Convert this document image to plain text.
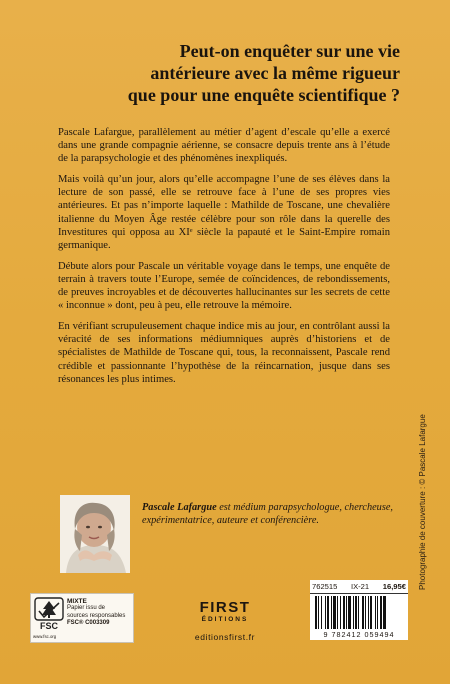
Peut-on enquêter sur une vie
antérieure avec la même rigueur
que pour une enquête scientifique ?

Pascale Lafargue, parallèlement au métier d’agent d’escale qu’elle a exercé dans une grande compagnie aérienne, se consacre depuis trente ans à l’étude de la parapsychologie et des phénomènes inexpliqués.

Mais voilà qu’un jour, alors qu’elle accompagne l’une de ses élèves dans la lecture de son passé, elle se retrouve face à l’une de ses propres vies antérieures. Et pas n’importe laquelle : Mathilde de Toscane, une chevalière italienne du Moyen Âge restée célèbre pour son rôle dans la querelle des Investitures qui opposa au XIᵉ siècle la papauté et le Saint-Empire romain germanique.

Débute alors pour Pascale un véritable voyage dans le temps, une enquête de terrain à travers toute l’Europe, semée de coïncidences, de rebondissements, de preuves incroyables et de découvertes hallucinantes sur les secrets de cette « inconnue » dont, peu à peu, elle retrouve la mémoire.

En vérifiant scrupuleusement chaque indice mis au jour, en contrôlant aussi la véracité de ses informations médiumniques auprès d’historiens et de spécialistes de Mathilde de Toscane qui, tous, la reconnaissent, Pascale rend crédible et passionnante l’hypothèse de la réincarnation, jusque dans ses résonances les plus intimes.

Pascale Lafargue est médium parapsychologue, chercheuse, expérimentatrice, auteure et conférencière.	Photographie de couverture : © Pascale Lafargue
FSC
MIXTE
Papier issu de
sources responsables
FSC® C003309
www.fsc.org
FIRST
ÉDITIONS
editionsfirst.fr
762515 IX-21 16,95€
9 782412 059494
